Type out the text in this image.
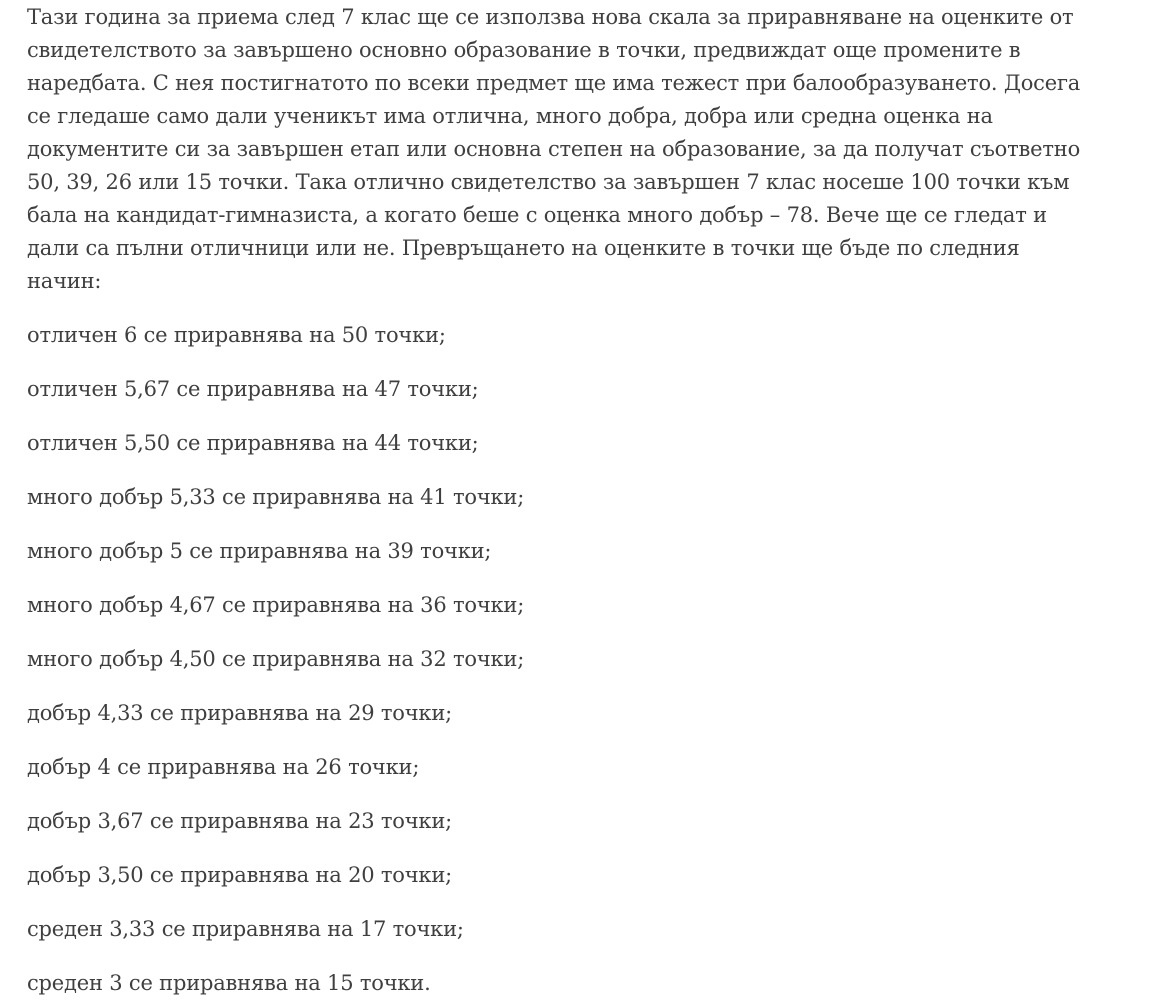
Тази година за приема след 7 клас ще се използва нова скала за приравняване на оценките от
свидетелството за завършено основно образование в точки, предвиждат още промените в
наредбата. С нея постигнатото по всеки предмет ще има тежест при балообразуването. Досега
се гледаше само дали ученикът има отлична, много добра, добра или средна оценка на
документите си за завършен етап или основна степен на образование, за да получат съответно
50, 39, 26 или 15 точки. Така отлично свидетелство за завършен 7 клас носеше 100 точки към
бала на кандидат-гимназиста, а когато беше с оценка много добър – 78. Вече ще се гледат и
дали са пълни отличници или не. Превръщането на оценките в точки ще бъде по следния
начин:

отличен 6 се приравнява на 50 точки;

отличен 5,67 се приравнява на 47 точки;

отличен 5,50 се приравнява на 44 точки;

много добър 5,33 се приравнява на 41 точки;

много добър 5 се приравнява на 39 точки;

много добър 4,67 се приравнява на 36 точки;

много добър 4,50 се приравнява на 32 точки;

добър 4,33 се приравнява на 29 точки;

добър 4 се приравнява на 26 точки;

добър 3,67 се приравнява на 23 точки;

добър 3,50 се приравнява на 20 точки;

среден 3,33 се приравнява на 17 точки;

среден 3 се приравнява на 15 точки.
